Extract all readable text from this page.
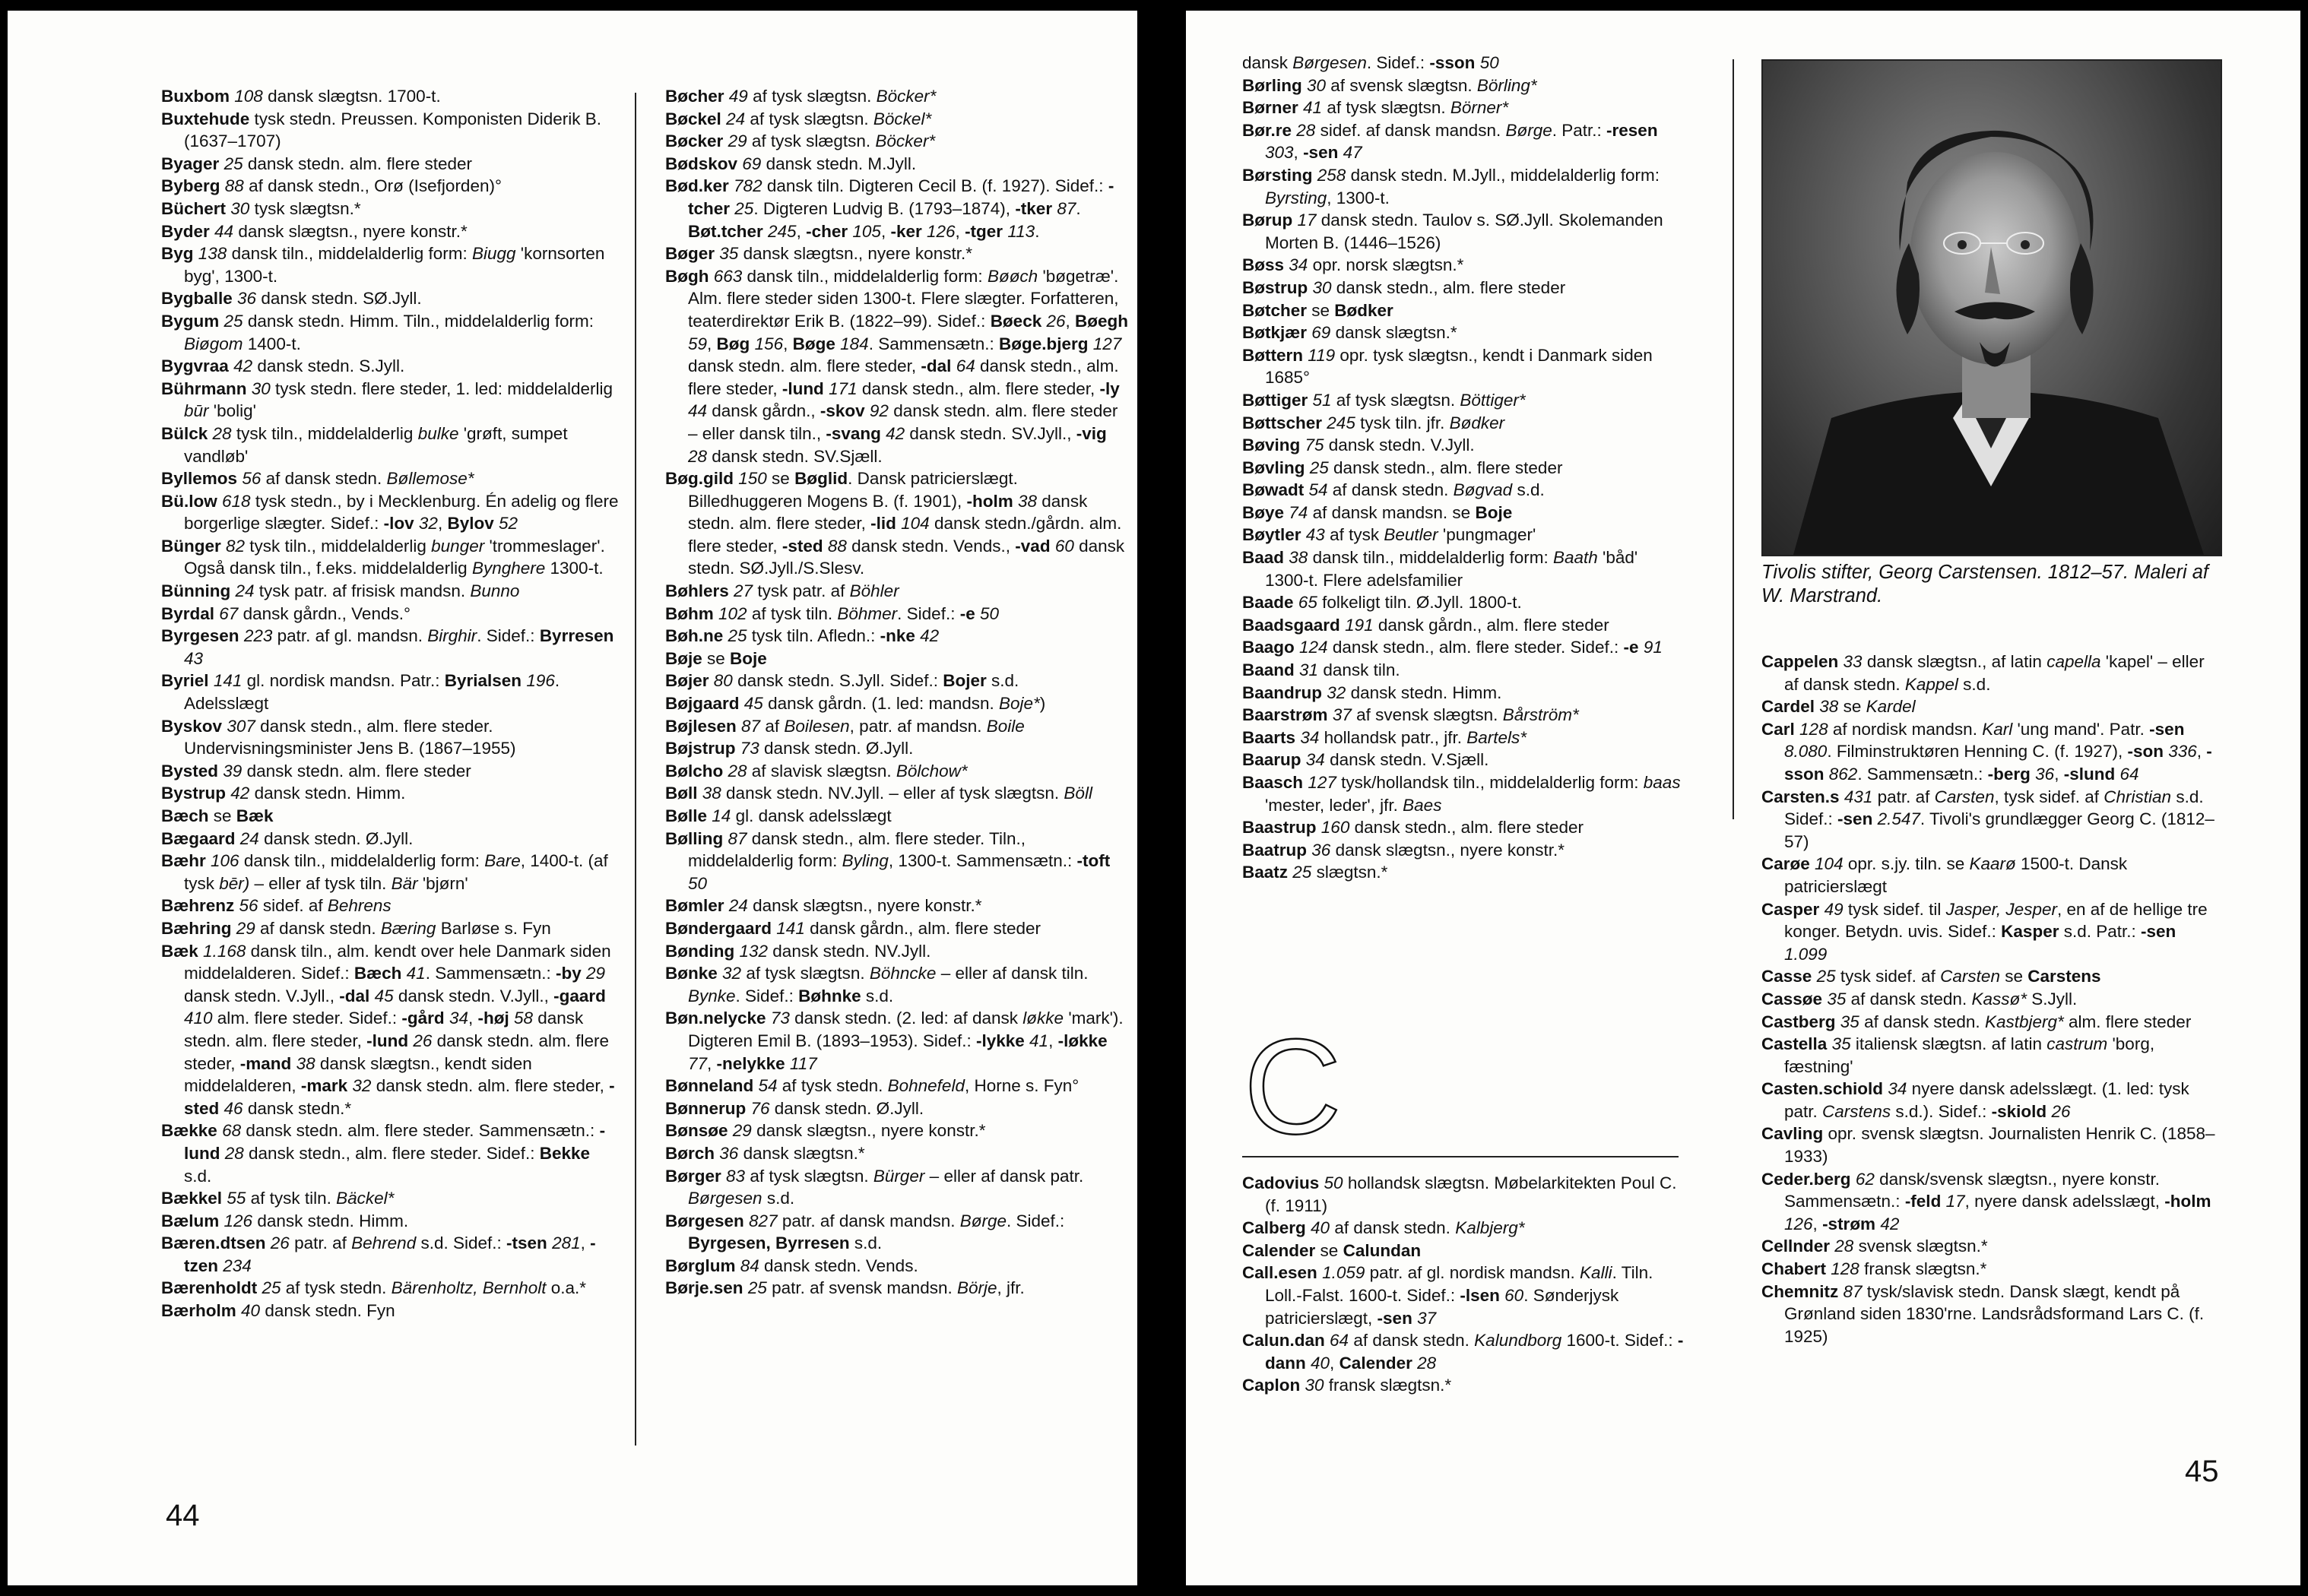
Buxbom 108 dansk slægtsn. 1700-t.

Buxtehude tysk stedn. Preussen. Komponisten Diderik B. (1637–1707)

Byager 25 dansk stedn. alm. flere steder

Byberg 88 af dansk stedn., Orø (Isefjorden)°

Büchert 30 tysk slægtsn.*

Byder 44 dansk slægtsn., nyere konstr.*

Byg 138 dansk tiln., middelalderlig form: Biugg 'kornsorten byg', 1300-t.

Bygballe 36 dansk stedn. SØ.Jyll.

Bygum 25 dansk stedn. Himm. Tiln., middelalderlig form: Biøgom 1400-t.

Bygvraa 42 dansk stedn. S.Jyll.

Bührmann 30 tysk stedn. flere steder, 1. led: middelalderlig būr 'bolig'

Bülck 28 tysk tiln., middelalderlig bulke 'grøft, sumpet vandløb'

Byllemos 56 af dansk stedn. Bøllemose*

Bü.low 618 tysk stedn., by i Mecklenburg. Én adelig og flere borgerlige slægter. Sidef.: -lov 32, Bylov 52

Bünger 82 tysk tiln., middelalderlig bunger 'trommeslager'. Også dansk tiln., f.eks. middelalderlig Bynghere 1300-t.

Bünning 24 tysk patr. af frisisk mandsn. Bunno

Byrdal 67 dansk gårdn., Vends.°

Byrgesen 223 patr. af gl. mandsn. Birghir. Sidef.: Byrresen 43

Byriel 141 gl. nordisk mandsn. Patr.: Byrialsen 196. Adelsslægt

Byskov 307 dansk stedn., alm. flere steder. Undervisningsminister Jens B. (1867–1955)

Bysted 39 dansk stedn. alm. flere steder

Bystrup 42 dansk stedn. Himm.

Bæch se Bæk

Bægaard 24 dansk stedn. Ø.Jyll.

Bæhr 106 dansk tiln., middelalderlig form: Bare, 1400-t. (af tysk bēr) – eller af tysk tiln. Bär 'bjørn'

Bæhrenz 56 sidef. af Behrens

Bæhring 29 af dansk stedn. Bæring Barløse s. Fyn

Bæk 1.168 dansk tiln., alm. kendt over hele Danmark siden middelalderen. Sidef.: Bæch 41. Sammensætn.: -by 29 dansk stedn. V.Jyll., -dal 45 dansk stedn. V.Jyll., -gaard 410 alm. flere steder. Sidef.: -gård 34, -høj 58 dansk stedn. alm. flere steder, -lund 26 dansk stedn. alm. flere steder, -mand 38 dansk slægtsn., kendt siden middelalderen, -mark 32 dansk stedn. alm. flere steder, -sted 46 dansk stedn.*

Bække 68 dansk stedn. alm. flere steder. Sammensætn.: -lund 28 dansk stedn., alm. flere steder. Sidef.: Bekke s.d.

Bækkel 55 af tysk tiln. Bäckel*

Bælum 126 dansk stedn. Himm.

Bæren.dtsen 26 patr. af Behrend s.d. Sidef.: -tsen 281, -tzen 234

Bærenholdt 25 af tysk stedn. Bärenholtz, Bernholt o.a.*

Bærholm 40 dansk stedn. Fyn

Bøcher 49 af tysk slægtsn. Böcker*

Bøckel 24 af tysk slægtsn. Böckel*

Bøcker 29 af tysk slægtsn. Böcker*

Bødskov 69 dansk stedn. M.Jyll.

Bød.ker 782 dansk tiln. Digteren Cecil B. (f. 1927). Sidef.: -tcher 25. Digteren Ludvig B. (1793–1874), -tker 87. Bøt.tcher 245, -cher 105, -ker 126, -tger 113.

Bøger 35 dansk slægtsn., nyere konstr.*

Bøgh 663 dansk tiln., middelalderlig form: Bøøch 'bøgetræ'. Alm. flere steder siden 1300-t. Flere slægter. Forfatteren, teaterdirektør Erik B. (1822–99). Sidef.: Bøeck 26, Bøegh 59, Bøg 156, Bøge 184. Sammensætn.: Bøge.bjerg 127 dansk stedn. alm. flere steder, -dal 64 dansk stedn., alm. flere steder, -lund 171 dansk stedn., alm. flere steder, -ly 44 dansk gårdn., -skov 92 dansk stedn. alm. flere steder – eller dansk tiln., -svang 42 dansk stedn. SV.Jyll., -vig 28 dansk stedn. SV.Sjæll.

Bøg.gild 150 se Bøglid. Dansk patricierslægt. Billedhuggeren Mogens B. (f. 1901), -holm 38 dansk stedn. alm. flere steder, -lid 104 dansk stedn./gårdn. alm. flere steder, -sted 88 dansk stedn. Vends., -vad 60 dansk stedn. SØ.Jyll./S.Slesv.

Bøhlers 27 tysk patr. af Böhler

Bøhm 102 af tysk tiln. Böhmer. Sidef.: -e 50

Bøh.ne 25 tysk tiln. Afledn.: -nke 42

Bøje se Boje

Bøjer 80 dansk stedn. S.Jyll. Sidef.: Bojer s.d.

Bøjgaard 45 dansk gårdn. (1. led: mandsn. Boje*)

Bøjlesen 87 af Boilesen, patr. af mandsn. Boile

Bøjstrup 73 dansk stedn. Ø.Jyll.

Bølcho 28 af slavisk slægtsn. Bölchow*

Bøll 38 dansk stedn. NV.Jyll. – eller af tysk slægtsn. Böll

Bølle 14 gl. dansk adelsslægt

Bølling 87 dansk stedn., alm. flere steder. Tiln., middelalderlig form: Byling, 1300-t. Sammensætn.: -toft 50

Bømler 24 dansk slægtsn., nyere konstr.*

Bøndergaard 141 dansk gårdn., alm. flere steder

Bønding 132 dansk stedn. NV.Jyll.

Bønke 32 af tysk slægtsn. Böhncke – eller af dansk tiln. Bynke. Sidef.: Bøhnke s.d.

Bøn.nelycke 73 dansk stedn. (2. led: af dansk løkke 'mark'). Digteren Emil B. (1893–1953). Sidef.: -lykke 41, -løkke 77, -nelykke 117

Bønneland 54 af tysk stedn. Bohnefeld, Horne s. Fyn°

Bønnerup 76 dansk stedn. Ø.Jyll.

Bønsøe 29 dansk slægtsn., nyere konstr.*

Børch 36 dansk slægtsn.*

Børger 83 af tysk slægtsn. Bürger – eller af dansk patr. Børgesen s.d.

Børgesen 827 patr. af dansk mandsn. Børge. Sidef.: Byrgesen, Byrresen s.d.

Børglum 84 dansk stedn. Vends.

Børje.sen 25 patr. af svensk mandsn. Börje, jfr.

44

dansk Børgesen. Sidef.: -sson 50

Børling 30 af svensk slægtsn. Börling*

Børner 41 af tysk slægtsn. Börner*

Bør.re 28 sidef. af dansk mandsn. Børge. Patr.: -resen 303, -sen 47

Børsting 258 dansk stedn. M.Jyll., middelalderlig form: Byrsting, 1300-t.

Børup 17 dansk stedn. Taulov s. SØ.Jyll. Skolemanden Morten B. (1446–1526)

Bøss 34 opr. norsk slægtsn.*

Bøstrup 30 dansk stedn., alm. flere steder

Bøtcher se Bødker

Bøtkjær 69 dansk slægtsn.*

Bøttern 119 opr. tysk slægtsn., kendt i Danmark siden 1685°

Bøttiger 51 af tysk slægtsn. Böttiger*

Bøttscher 245 tysk tiln. jfr. Bødker

Bøving 75 dansk stedn. V.Jyll.

Bøvling 25 dansk stedn., alm. flere steder

Bøwadt 54 af dansk stedn. Bøgvad s.d.

Bøye 74 af dansk mandsn. se Boje

Bøytler 43 af tysk Beutler 'pungmager'

Baad 38 dansk tiln., middelalderlig form: Baath 'båd' 1300-t. Flere adelsfamilier

Baade 65 folkeligt tiln. Ø.Jyll. 1800-t.

Baadsgaard 191 dansk gårdn., alm. flere steder

Baago 124 dansk stedn., alm. flere steder. Sidef.: -e 91

Baand 31 dansk tiln.

Baandrup 32 dansk stedn. Himm.

Baarstrøm 37 af svensk slægtsn. Bårström*

Baarts 34 hollandsk patr., jfr. Bartels*

Baarup 34 dansk stedn. V.Sjæll.

Baasch 127 tysk/hollandsk tiln., middelalderlig form: baas 'mester, leder', jfr. Baes

Baastrup 160 dansk stedn., alm. flere steder

Baatrup 36 dansk slægtsn., nyere konstr.*

Baatz 25 slægtsn.*

Tivolis stifter, Georg Carstensen. 1812–57. Maleri af W. Marstrand.
C

Cadovius 50 hollandsk slægtsn. Møbelarkitekten Poul C. (f. 1911)

Calberg 40 af dansk stedn. Kalbjerg*

Calender se Calundan

Call.esen 1.059 patr. af gl. nordisk mandsn. Kalli. Tiln. Loll.-Falst. 1600-t. Sidef.: -lsen 60. Sønderjysk patricierslægt, -sen 37

Calun.dan 64 af dansk stedn. Kalundborg 1600-t. Sidef.: -dann 40, Calender 28

Caplon 30 fransk slægtsn.*

Cappelen 33 dansk slægtsn., af latin capella 'kapel' – eller af dansk stedn. Kappel s.d.

Cardel 38 se Kardel

Carl 128 af nordisk mandsn. Karl 'ung mand'. Patr. -sen 8.080. Filminstruktøren Henning C. (f. 1927), -son 336, -sson 862. Sammensætn.: -berg 36, -slund 64

Carsten.s 431 patr. af Carsten, tysk sidef. af Christian s.d. Sidef.: -sen 2.547. Tivoli's grundlægger Georg C. (1812–57)

Carøe 104 opr. s.jy. tiln. se Kaarø 1500-t. Dansk patricierslægt

Casper 49 tysk sidef. til Jasper, Jesper, en af de hellige tre konger. Betydn. uvis. Sidef.: Kasper s.d. Patr.: -sen 1.099

Casse 25 tysk sidef. af Carsten se Carstens

Cassøe 35 af dansk stedn. Kassø* S.Jyll.

Castberg 35 af dansk stedn. Kastbjerg* alm. flere steder

Castella 35 italiensk slægtsn. af latin castrum 'borg, fæstning'

Casten.schiold 34 nyere dansk adelsslægt. (1. led: tysk patr. Carstens s.d.). Sidef.: -skiold 26

Cavling opr. svensk slægtsn. Journalisten Henrik C. (1858–1933)

Ceder.berg 62 dansk/svensk slægtsn., nyere konstr. Sammensætn.: -feld 17, nyere dansk adelsslægt, -holm 126, -strøm 42

Cellnder 28 svensk slægtsn.*

Chabert 128 fransk slægtsn.*

Chemnitz 87 tysk/slavisk stedn. Dansk slægt, kendt på Grønland siden 1830'rne. Landsrådsformand Lars C. (f. 1925)

45
